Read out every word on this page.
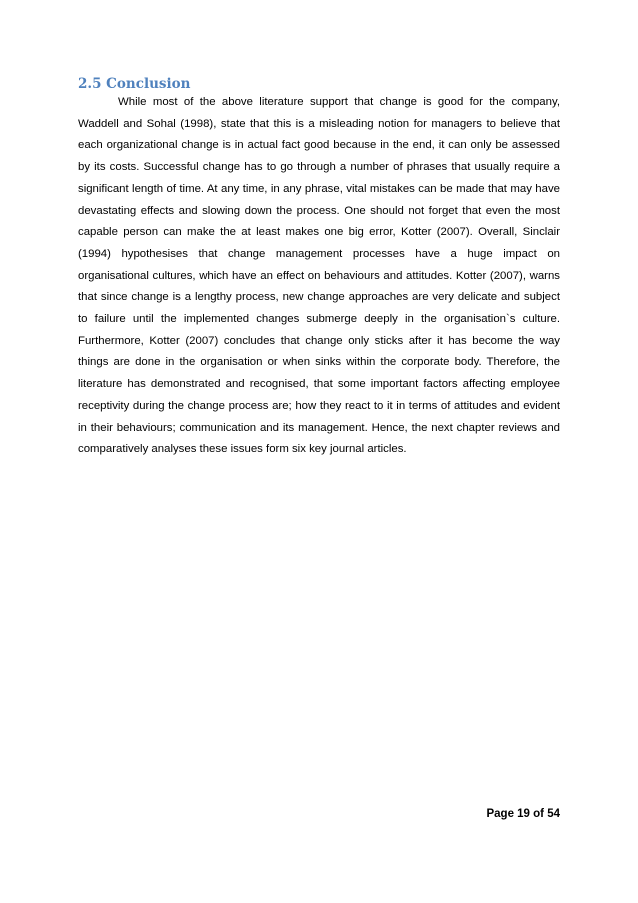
2.5 Conclusion

While most of the above literature support that change is good for the company, Waddell and Sohal (1998), state that this is a misleading notion for managers to believe that each organizational change is in actual fact good because in the end, it can only be assessed by its costs. Successful change has to go through a number of phrases that usually require a significant length of time. At any time, in any phrase, vital mistakes can be made that may have devastating effects and slowing down the process. One should not forget that even the most capable person can make the at least makes one big error, Kotter (2007). Overall, Sinclair (1994) hypothesises that change management processes have a huge impact on organisational cultures, which have an effect on behaviours and attitudes. Kotter (2007), warns that since change is a lengthy process, new change approaches are very delicate and subject to failure until the implemented changes submerge deeply in the organisation`s culture. Furthermore, Kotter (2007) concludes that change only sticks after it has become the way things are done in the organisation or when sinks within the corporate body. Therefore, the literature has demonstrated and recognised, that some important factors affecting employee receptivity during the change process are; how they react to it in terms of attitudes and evident in their behaviours; communication and its management. Hence, the next chapter reviews and comparatively analyses these issues form six key journal articles.

Page 19 of 54
